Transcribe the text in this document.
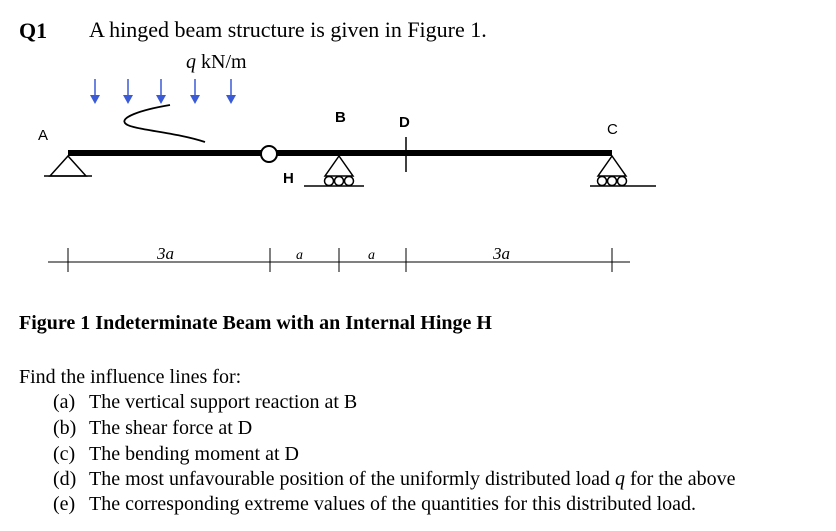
Q1 A hinged beam structure is given in Figure 1.
q kN/m
A
B	D	C
H
3a	a	a	3a
Figure 1 Indeterminate Beam with an Internal Hinge H
Find the influence lines for:
(a) The vertical support reaction at B
(b) The shear force at D
(c) The bending moment at D
(d) The most unfavourable position of the uniformly distributed load q for the above
(e) The corresponding extreme values of the quantities for this distributed load.
